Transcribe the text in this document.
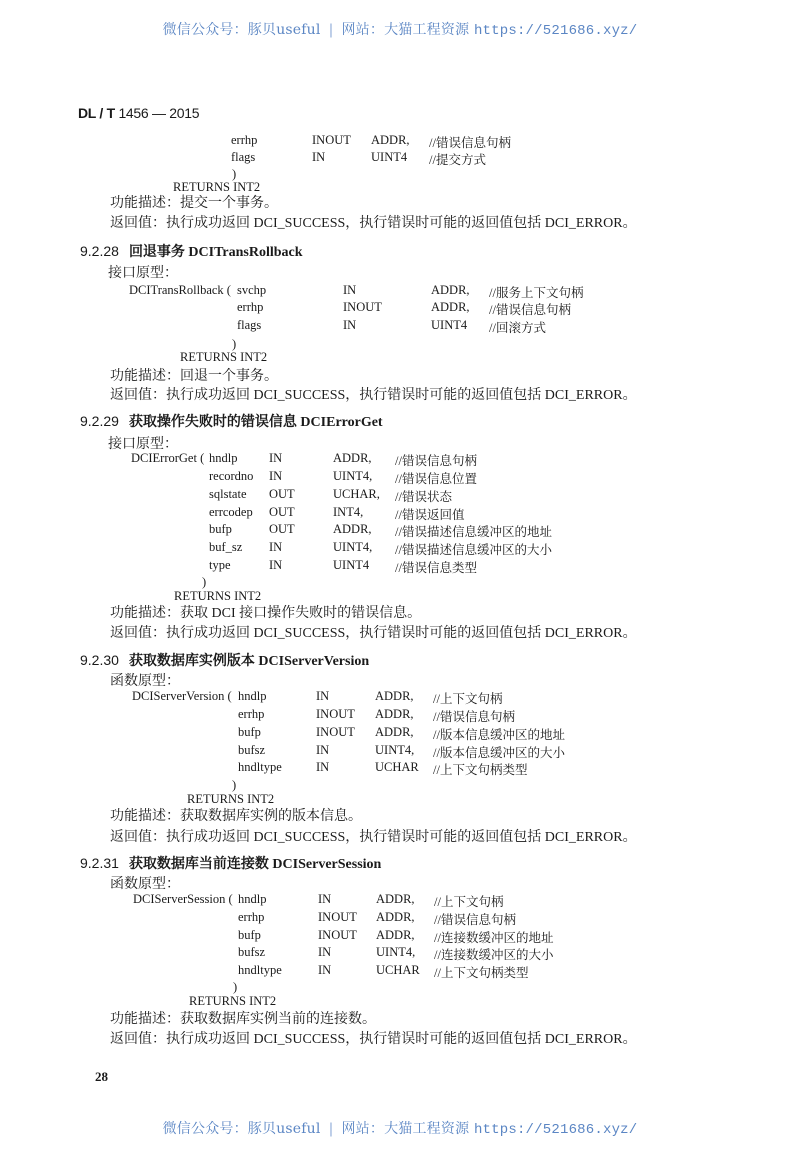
微信公众号：豚贝useful | 网站：大猫工程资源 https://521686.xyz/
DL / T 1456 — 2015
errhp	INOUT ADDR, //错误信息句柄
flags	IN	UINT4 //提交方式
)
RETURNS INT2
功能描述：提交一个事务。
返回值：执行成功返回 DCI_SUCCESS，执行错误时可能的返回值包括 DCI_ERROR。
9.2.28 回退事务 DCITransRollback
接口原型：
DCITransRollback ( svchp	IN	ADDR, //服务上下文句柄
errhp	INOUT	ADDR, //错误信息句柄
flags	IN	UINT4 //回滚方式
)
RETURNS INT2
功能描述：回退一个事务。
返回值：执行成功返回 DCI_SUCCESS，执行错误时可能的返回值包括 DCI_ERROR。
9.2.29 获取操作失败时的错误信息 DCIErrorGet
接口原型：
DCIErrorGet ( hndlp	IN	ADDR, //错误信息句柄
recordno IN	UINT4, //错误信息位置
sqlstate OUT	UCHAR, //错误状态
errcodep OUT	INT4,	//错误返回值
bufp	OUT	ADDR, //错误描述信息缓冲区的地址
buf_sz IN	UINT4, //错误描述信息缓冲区的大小
type	IN	UINT4 //错误信息类型
)
RETURNS INT2
功能描述：获取 DCI 接口操作失败时的错误信息。
返回值：执行成功返回 DCI_SUCCESS，执行错误时可能的返回值包括 DCI_ERROR。
9.2.30 获取数据库实例版本 DCIServerVersion
函数原型：
DCIServerVersion ( hndlp	IN	ADDR, //上下文句柄
errhp	INOUT ADDR, //错误信息句柄
bufp	INOUT ADDR, //版本信息缓冲区的地址
bufsz	IN	UINT4, //版本信息缓冲区的大小
hndltype	IN	UCHAR //上下文句柄类型
)
RETURNS INT2
功能描述：获取数据库实例的版本信息。
返回值：执行成功返回 DCI_SUCCESS，执行错误时可能的返回值包括 DCI_ERROR。
9.2.31 获取数据库当前连接数 DCIServerSession
函数原型：
DCIServerSession ( hndlp	IN	ADDR, //上下文句柄
errhp	INOUT ADDR, //错误信息句柄
bufp	INOUT ADDR, //连接数缓冲区的地址
bufsz	IN	UINT4, //连接数缓冲区的大小
hndltype	IN	UCHAR //上下文句柄类型
)
RETURNS INT2
功能描述：获取数据库实例当前的连接数。
返回值：执行成功返回 DCI_SUCCESS，执行错误时可能的返回值包括 DCI_ERROR。
28
微信公众号：豚贝useful | 网站：大猫工程资源 https://521686.xyz/
